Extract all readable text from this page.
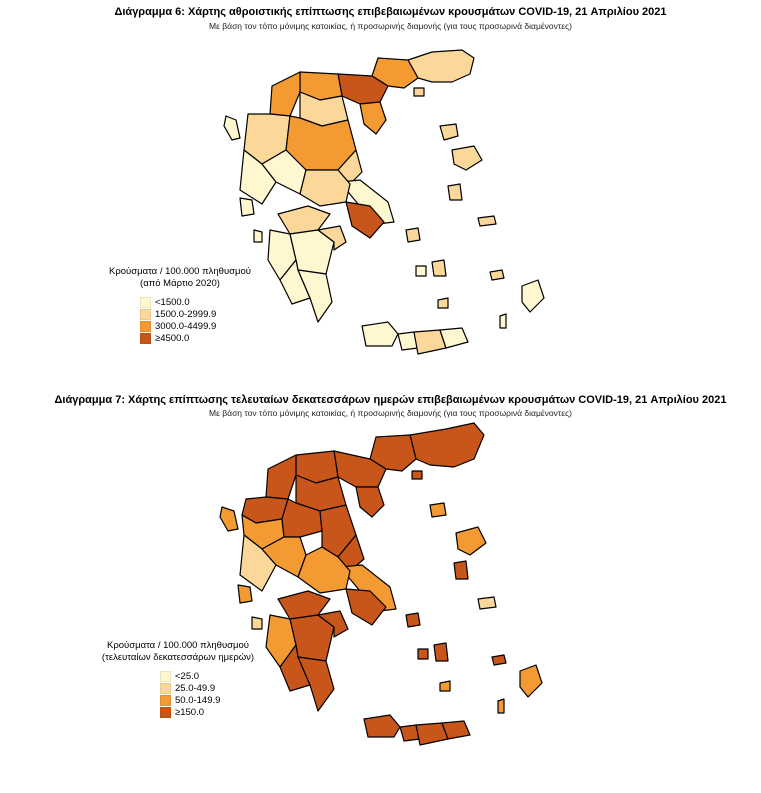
Διάγραμμα 6: Χάρτης αθροιστικής επίπτωσης επιβεβαιωμένων κρουσμάτων COVID-19, 21 Απριλίου 2021
Με βάση τον τόπο μόνιμης κατοικίας, ή προσωρινής διαμονής (για τους προσωρινά διαμένοντες)
Κρούσματα / 100.000 πληθυσμού
(από Μάρτιο 2020)
<1500.0
1500.0-2999.9
3000.0-4499.9
≥4500.0
Διάγραμμα 7: Χάρτης επίπτωσης τελευταίων δεκατεσσάρων ημερών επιβεβαιωμένων κρουσμάτων COVID-19, 21 Απριλίου 2021
Με βάση τον τόπο μόνιμης κατοικίας, ή προσωρινής διαμονής (για τους προσωρινά διαμένοντες)
Κρούσματα / 100.000 πληθυσμού
(τελευταίων δεκατεσσάρων ημερών)
<25.0
25.0-49.9
50.0-149.9
≥150.0
